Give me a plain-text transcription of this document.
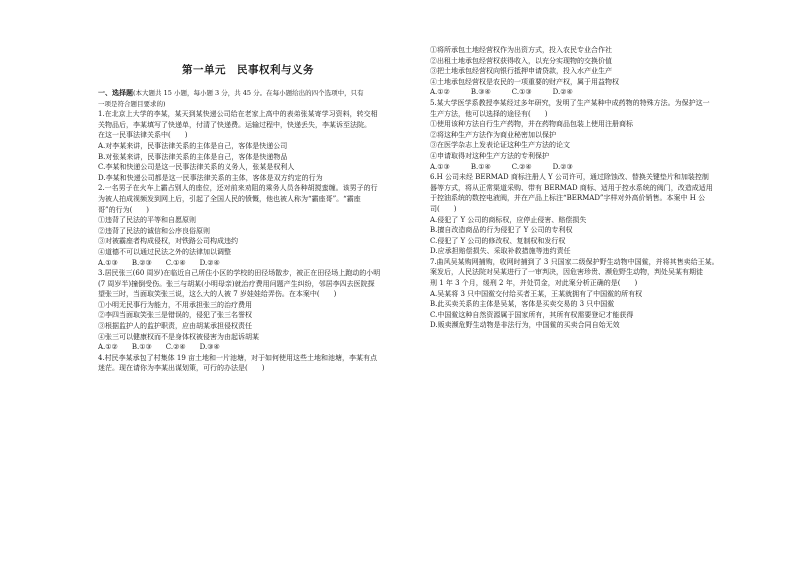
第一单元　民事权利与义务
一、选择题(本大题共 15 小题，每小题 3 分，共 45 分。在每小题给出的四个选项中，只有
一项是符合题目要求的)
1.在北京上大学的李某，某天到某快递公司给在老家上高中的表弟张某寄学习资料，转交相
关物品后，李某填写了快递单，付清了快递费。运输过程中，快递丢失，李某诉至法院。
在这一民事法律关系中(　　)
A.对李某来讲，民事法律关系的主体是自己，客体是快递公司
B.对张某来讲，民事法律关系的主体是自己，客体是快递物品
C.李某和快递公司是这一民事法律关系的义务人，张某是权利人
D.李某和快递公司都是这一民事法律关系的主体，客体是双方约定的行为
2.一名男子在火车上霸占别人的座位，还对前来劝阻的乘务人员各种胡搅蛮缠。该男子的行
为被人拍成视频发到网上后，引起了全国人民的愤慨，他也被人称为“霸座哥”。“霸座
哥”的行为(　　)
①违背了民法的平等和自愿原则
②违背了民法的诚信和公序良俗原则
③对被霸座者构成侵权，对铁路公司构成违约
④道德不可以通过民法之外的法律加以调整
A.①③　　B.②③　　C.①④　　D.②④
3.居民张三(60 周岁)在临近自己所住小区的学校的田径场散步，被正在田径场上跑动的小明
(7 周岁半)撞倒受伤。张三与胡某(小明母亲)就治疗费用问题产生纠纷，邻居李四去医院探
望张三时，当面取笑张三说，这么大的人被 7 岁娃娃给弄伤。在本案中(　　)
①小明无民事行为能力，不用承担张三的治疗费用
②李四当面取笑张三是错误的，侵犯了张三名誉权
③根据监护人的监护职责，应由胡某承担侵权责任
④张三可以健康权而不是身体权被侵害为由起诉胡某
A.①②　　B.①③　　C.②④　　D.③④
4.村民李某承包了村集体 19 亩土地和一片池塘，对于如何使用这些土地和池塘，李某有点
迷茫。现在请你为李某出谋划策，可行的办法是(　　)
①将所承包土地经营权作为出资方式，投入农民专业合作社
②出租土地承包经营权获得收入，以充分实现物的交换价值
③把土地承包经营权向银行抵押申请贷款，投入水产业生产
④土地承包经营权是农民的一项重要的财产权，属于用益物权
A.①②　　　B.③④　　　C.①③　　　D.②④
5.某大学医学系教授李某经过多年研究，发明了生产某种中成药物的特殊方法。为保护这一
生产方法，他可以选择的途径有(　　)
①使用该种方法自行生产药物，并在药物商品包装上使用注册商标
②将这种生产方法作为商业秘密加以保护
③在医学杂志上发表论证这种生产方法的论文
④申请取得对这种生产方法的专利保护
A.①③　　　B.①④　　　C.②④　　　D.②③
6.H 公司未经 BERMAD 商标注册人 Y 公司许可，通过除蚀改、替换关键垫片和加装控制
器等方式，将从正常渠道采购、带有 BERMAD 商标、适用于控水系统的阀门，改造成适用
于控油系统的数控电液阀，并在产品上标注“BERMAD”字样对外高价销售。本案中 H 公
司(　　)
A.侵犯了 Y 公司的商标权，应停止侵害、赔偿损失
B.擅自改造商品的行为侵犯了 Y 公司的专利权
C.侵犯了 Y 公司的修改权、复制权和发行权
D.应承担赔偿损失、采取补救措施等违约责任
7.曲风吴某购网捕购，收网时捕到了 3 只国家二级保护野生动物中国鲎，并将其售卖给王某。
案发后，人民法院对吴某进行了一审判决，因危害珍贵、濒危野生动物，判处吴某有期徒
刑 1 年 3 个月，缓刑 2 年，并处罚金，对此案分析正确的是(　　)
A.吴某将 3 只中国鲎交付给买者王某，王某就拥有了中国鲎的所有权
B.此买卖关系的主体是吴某，客体是买卖交易的 3 只中国鲎
C.中国鲎这种自然资源属于国家所有，其所有权需要登记才能获得
D.贩卖濒危野生动物是非法行为，中国鲎的买卖合同自始无效
